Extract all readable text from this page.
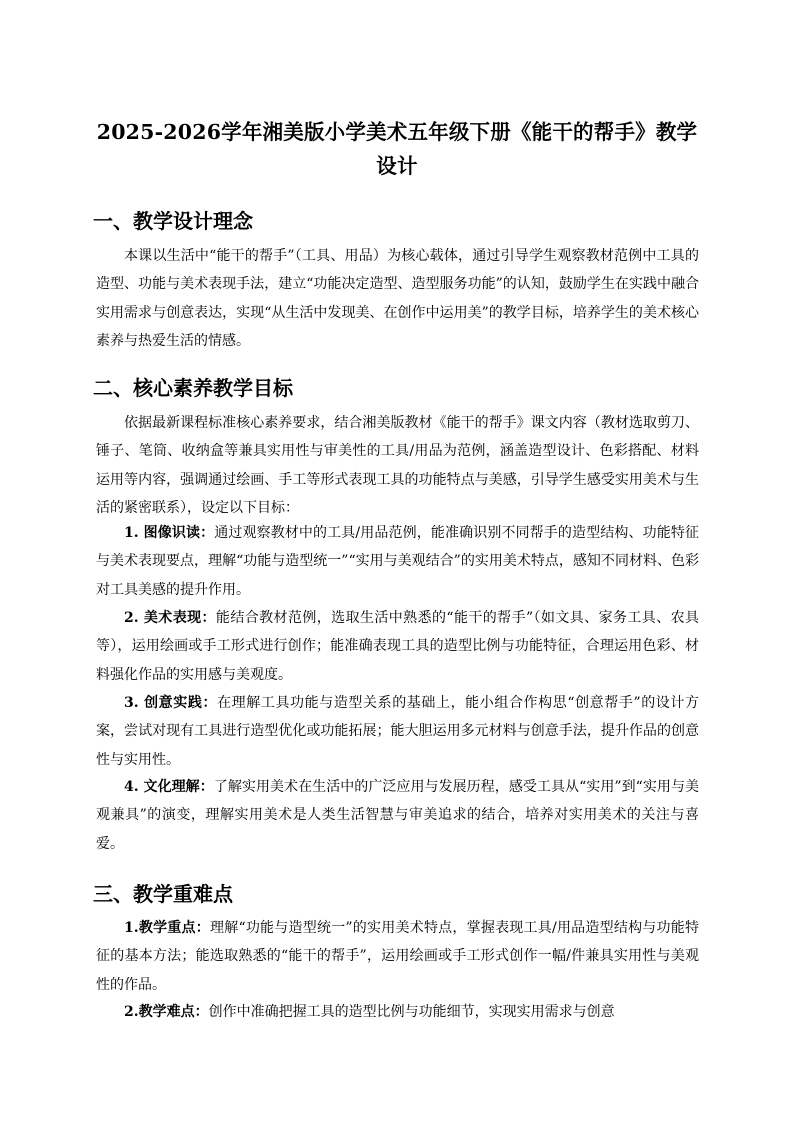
2025-2026学年湘美版小学美术五年级下册《能干的帮手》教学设计
一、教学设计理念

本课以生活中“能干的帮手”（工具、用品）为核心载体，通过引导学生观察教材范例中工具的造型、功能与美术表现手法，建立“功能决定造型、造型服务功能”的认知，鼓励学生在实践中融合实用需求与创意表达，实现“从生活中发现美、在创作中运用美”的教学目标，培养学生的美术核心素养与热爱生活的情感。

二、核心素养教学目标

依据最新课程标准核心素养要求，结合湘美版教材《能干的帮手》课文内容（教材选取剪刀、锤子、笔筒、收纳盒等兼具实用性与审美性的工具/用品为范例，涵盖造型设计、色彩搭配、材料运用等内容，强调通过绘画、手工等形式表现工具的功能特点与美感，引导学生感受实用美术与生活的紧密联系），设定以下目标：

1. 图像识读：通过观察教材中的工具/用品范例，能准确识别不同帮手的造型结构、功能特征与美术表现要点，理解“功能与造型统一”“实用与美观结合”的实用美术特点，感知不同材料、色彩对工具美感的提升作用。

2. 美术表现：能结合教材范例，选取生活中熟悉的“能干的帮手”（如文具、家务工具、农具等），运用绘画或手工形式进行创作；能准确表现工具的造型比例与功能特征，合理运用色彩、材料强化作品的实用感与美观度。

3. 创意实践：在理解工具功能与造型关系的基础上，能小组合作构思“创意帮手”的设计方案，尝试对现有工具进行造型优化或功能拓展；能大胆运用多元材料与创意手法，提升作品的创意性与实用性。

4. 文化理解：了解实用美术在生活中的广泛应用与发展历程，感受工具从“实用”到“实用与美观兼具”的演变，理解实用美术是人类生活智慧与审美追求的结合，培养对实用美术的关注与喜爱。

三、教学重难点

1.教学重点：理解“功能与造型统一”的实用美术特点，掌握表现工具/用品造型结构与功能特征的基本方法；能选取熟悉的“能干的帮手”，运用绘画或手工形式创作一幅/件兼具实用性与美观性的作品。

2.教学难点：创作中准确把握工具的造型比例与功能细节，实现实用需求与创意
